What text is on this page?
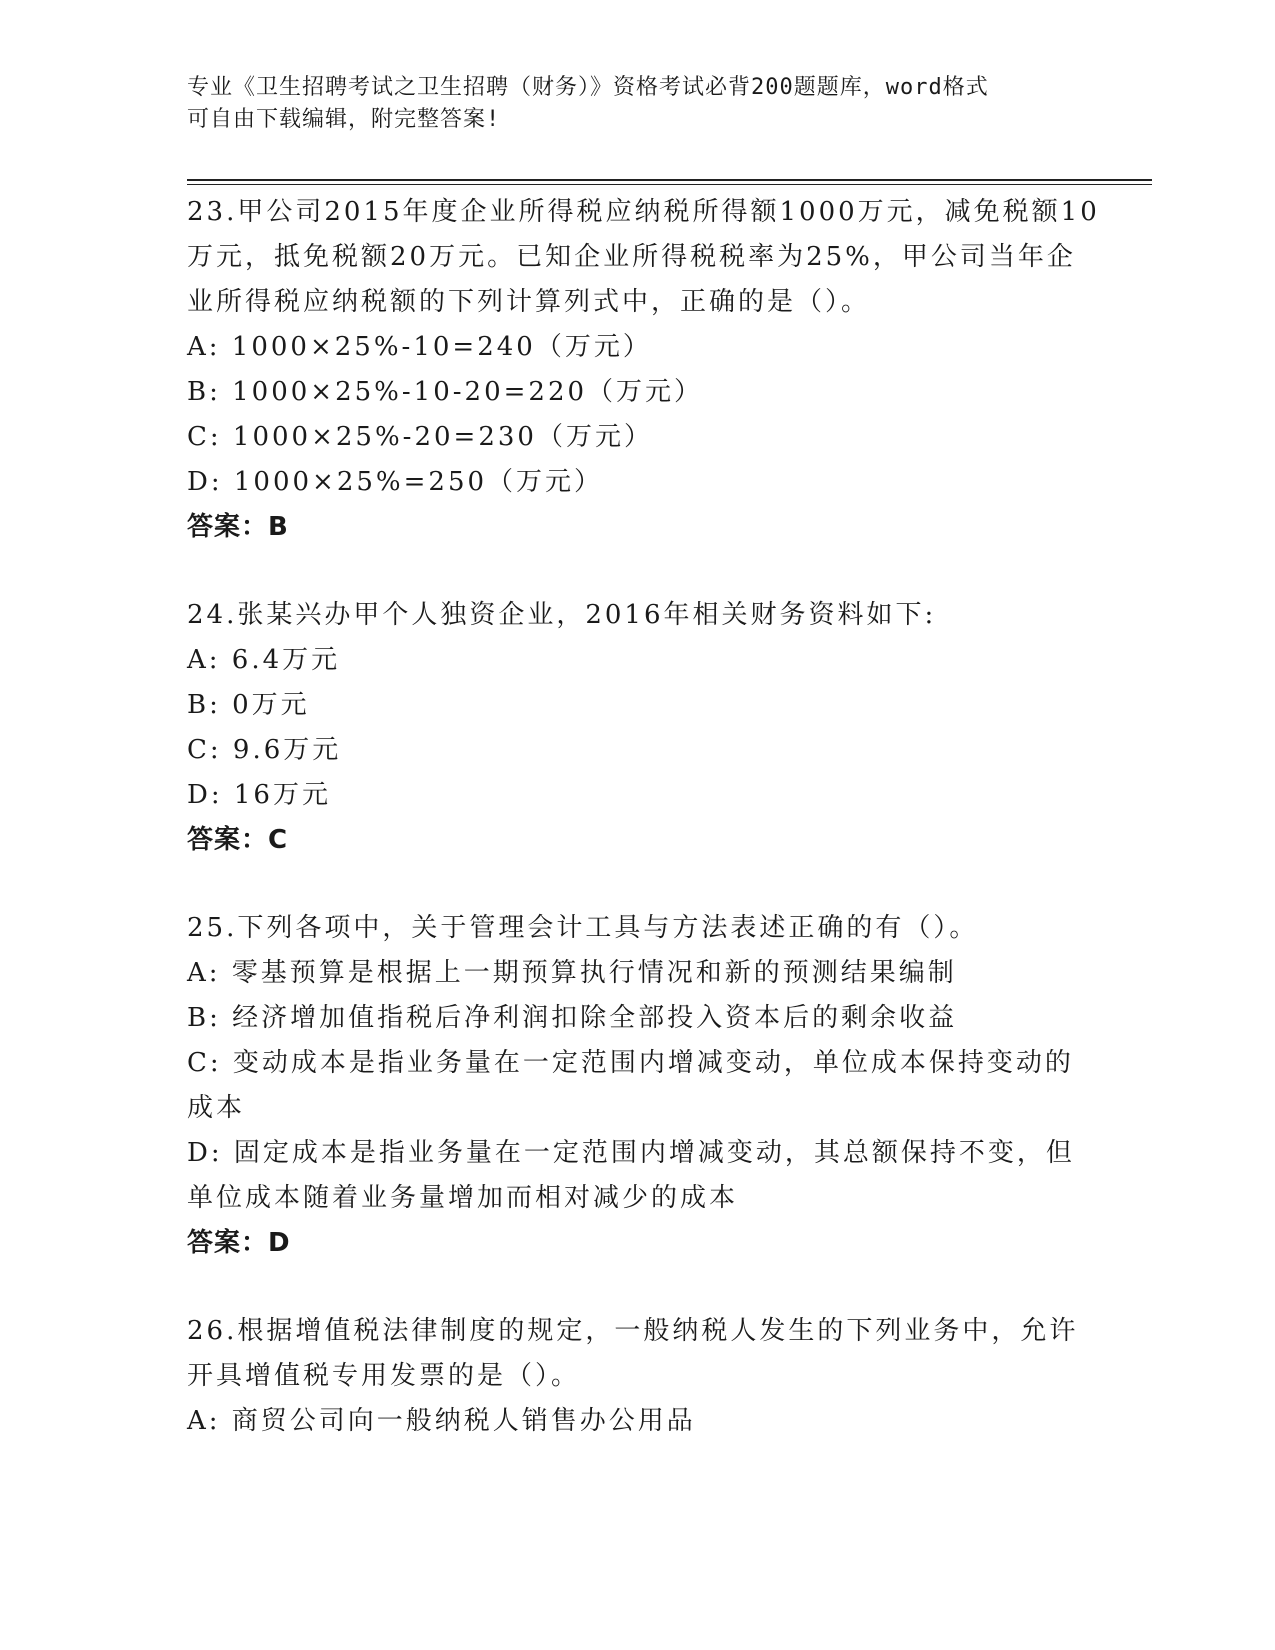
专业《卫生招聘考试之卫生招聘（财务）》资格考试必背200题题库，word格式
可自由下载编辑，附完整答案!
23.甲公司2015年度企业所得税应纳税所得额1000万元，减免税额10
万元，抵免税额20万元。已知企业所得税税率为25%，甲公司当年企
业所得税应纳税额的下列计算列式中，正确的是（）。
A: 1000×25%-10=240（万元）
B: 1000×25%-10-20=220（万元）
C: 1000×25%-20=230（万元）
D: 1000×25%=250（万元）
答案：B
24.张某兴办甲个人独资企业，2016年相关财务资料如下:
A: 6.4万元
B: 0万元
C: 9.6万元
D: 16万元
答案：C
25.下列各项中，关于管理会计工具与方法表述正确的有（）。
A: 零基预算是根据上一期预算执行情况和新的预测结果编制
B: 经济增加值指税后净利润扣除全部投入资本后的剩余收益
C: 变动成本是指业务量在一定范围内增减变动，单位成本保持变动的
成本
D: 固定成本是指业务量在一定范围内增减变动，其总额保持不变，但
单位成本随着业务量增加而相对减少的成本
答案：D
26.根据增值税法律制度的规定，一般纳税人发生的下列业务中，允许
开具增值税专用发票的是（）。
A: 商贸公司向一般纳税人销售办公用品
